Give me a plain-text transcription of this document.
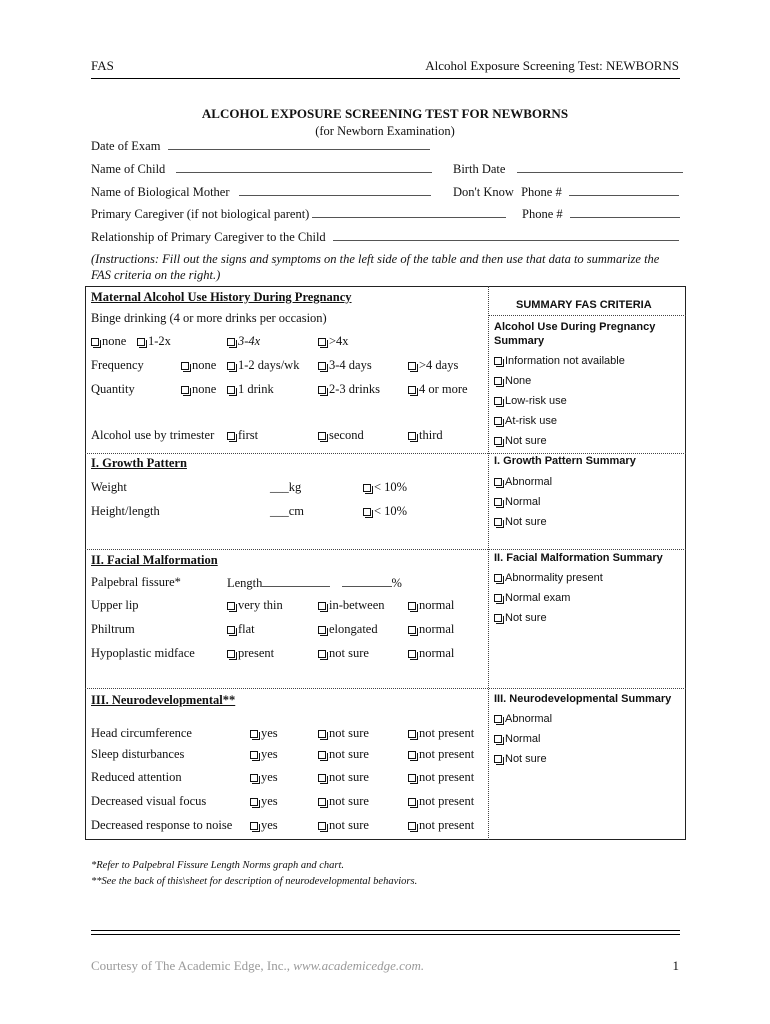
FAS	Alcohol Exposure Screening Test: NEWBORNS
ALCOHOL EXPOSURE SCREENING TEST FOR NEWBORNS
(for Newborn Examination)
Date of Exam
Name of Child	Birth Date
Name of Biological Mother	Don't Know Phone #
Primary Caregiver (if not biological parent)	Phone #
Relationship of Primary Caregiver to the Child
(Instructions: Fill out the signs and symptoms on the left side of the table and then use that data to summarize the FAS criteria on the right.)
Maternal Alcohol Use History During Pregnancy
Binge drinking (4 or more drinks per occasion)
none	1-2x	3-4x	>4x
Frequency	none	1-2 days/wk	3-4 days	>4 days
Quantity	none	1 drink	2-3 drinks	4 or more
Alcohol use by trimester	first	second	third
I. Growth Pattern
Weight	___kg	< 10%
Height/length	___cm	< 10%
II. Facial Malformation
Palpebral fissure*	Length	%
Upper lip	very thin	in-between	normal
Philtrum	flat	elongated	normal
Hypoplastic midface	present	not sure	normal
III. Neurodevelopmental**
Head circumference	yes	not sure	not present
Sleep disturbances	yes	not sure	not present
Reduced attention	yes	not sure	not present
Decreased visual focus	yes	not sure	not present
Decreased response to noise	yes	not sure	not present
SUMMARY FAS CRITERIA
Alcohol Use During Pregnancy Summary
Information not available
None
Low-risk use
At-risk use
Not sure
I. Growth Pattern Summary
Abnormal
Normal
Not sure
II. Facial Malformation Summary
Abnormality present
Normal exam
Not sure
III. Neurodevelopmental Summary
Abnormal
Normal
Not sure
*Refer to Palpebral Fissure Length Norms graph and chart.
**See the back of this\sheet for description of neurodevelopmental behaviors.
Courtesy of The Academic Edge, Inc., www.academicedge.com.	1
